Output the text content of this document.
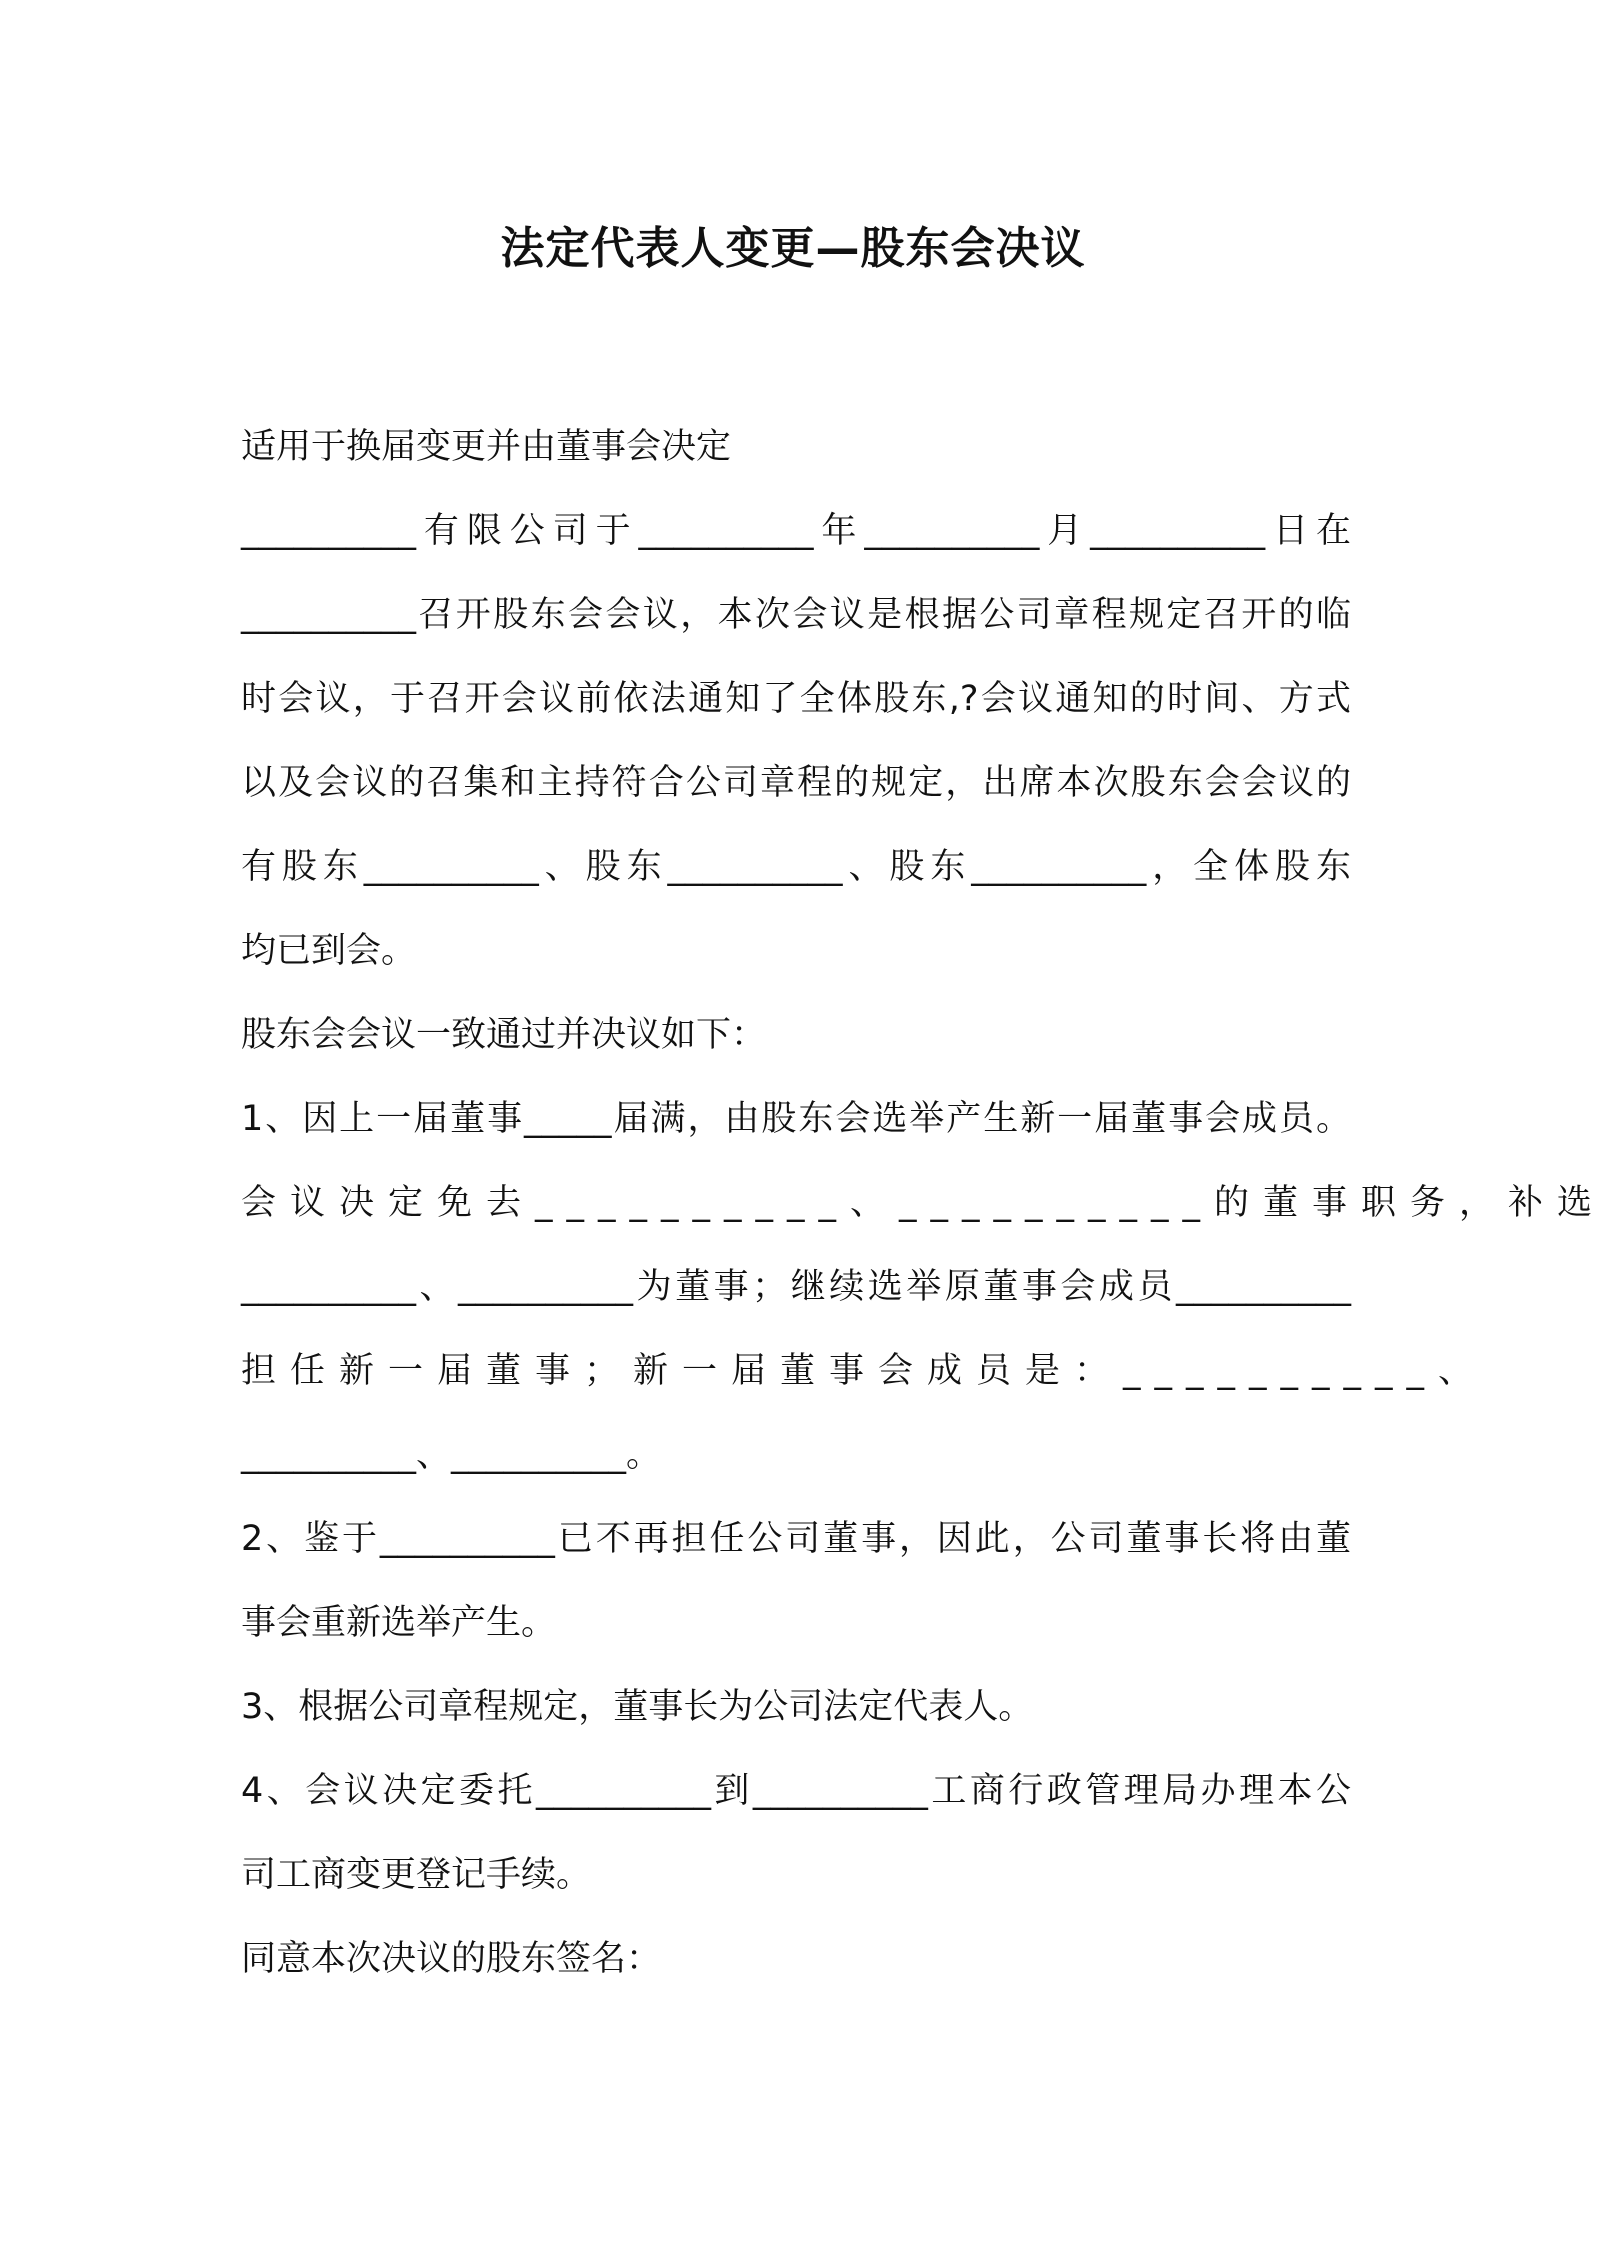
法定代表人变更—股东会决议

适用于换届变更并由董事会决定

__________有限公司于__________年__________月__________日在

__________召开股东会会议，本次会议是根据公司章程规定召开的临

时会议，于召开会议前依法通知了全体股东,?会议通知的时间、方式

以及会议的召集和主持符合公司章程的规定，出席本次股东会会议的

有股东__________、股东__________、股东__________，全体股东

均已到会。

股东会会议一致通过并决议如下：

1、因上一届董事_____届满，由股东会选举产生新一届董事会成员。

会议决定免去__________、__________的董事职务，补选

__________、__________为董事；继续选举原董事会成员__________

担任新一届董事；新一届董事会成员是：__________、

__________、__________。

2、鉴于__________已不再担任公司董事，因此，公司董事长将由董

事会重新选举产生。

3、根据公司章程规定，董事长为公司法定代表人。

4、会议决定委托__________到__________工商行政管理局办理本公

司工商变更登记手续。

同意本次决议的股东签名：
